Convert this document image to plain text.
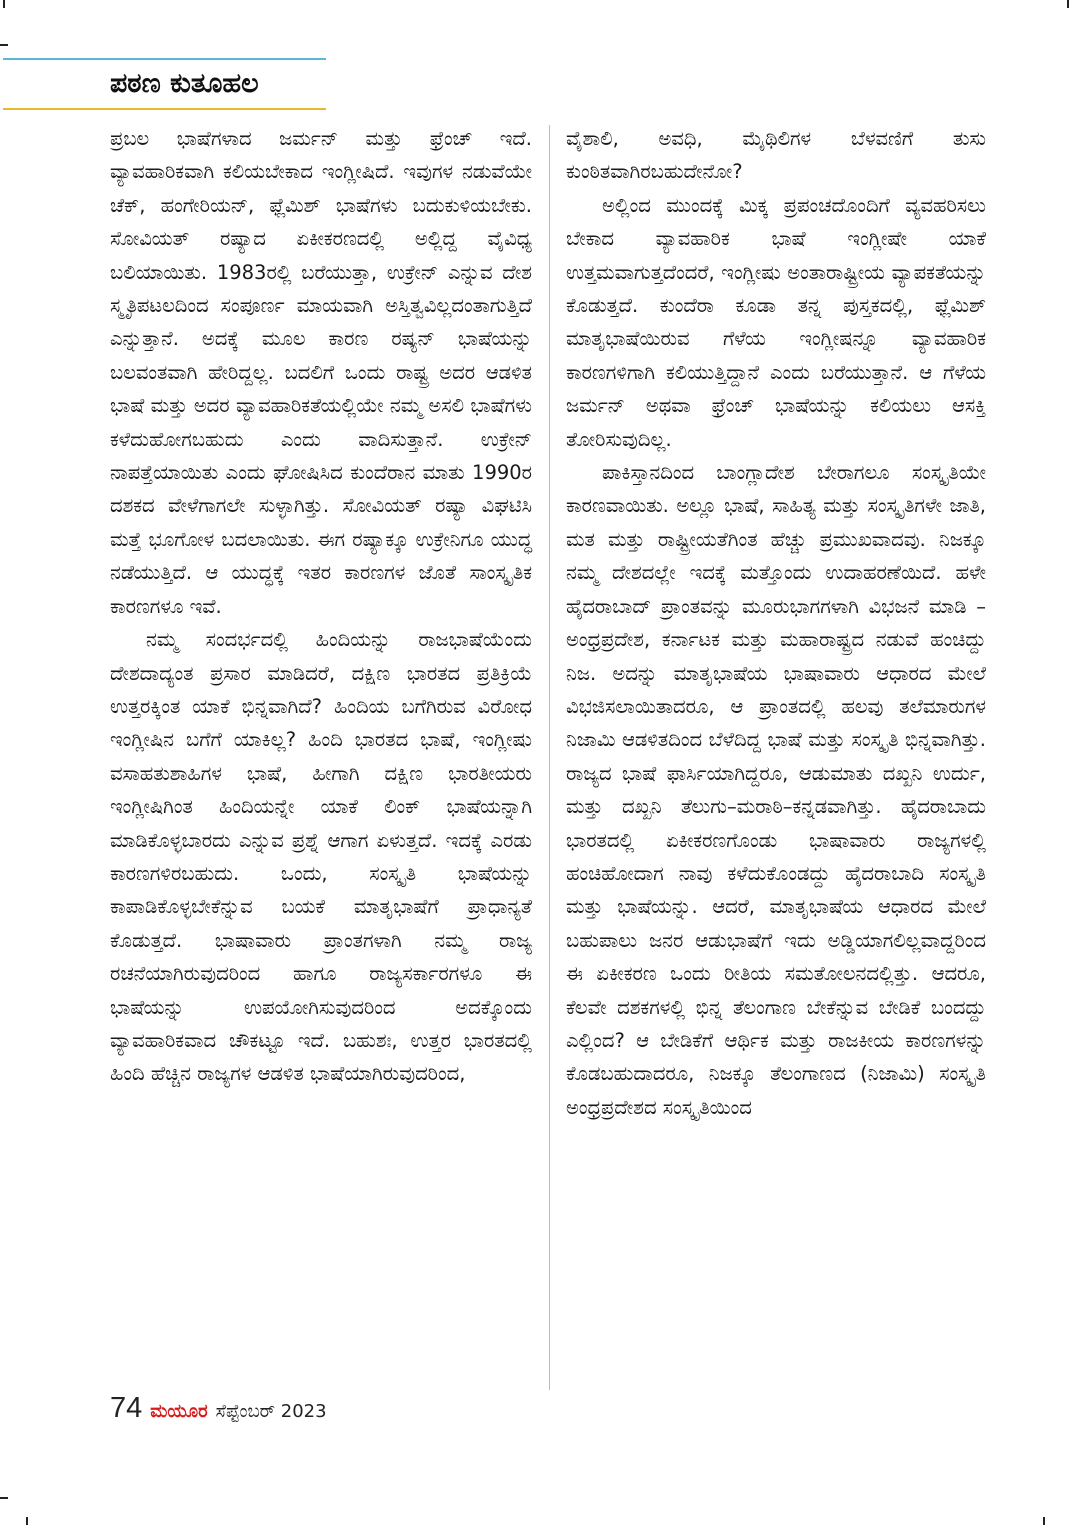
ಪಠಣ ಕುತೂಹಲ

ಪ್ರಬಲ ಭಾಷೆಗಳಾದ ಜರ್ಮನ್ ಮತ್ತು ಫ್ರೆಂಚ್ ಇದೆ. ವ್ಯಾವಹಾರಿಕವಾಗಿ ಕಲಿಯಬೇಕಾದ ಇಂಗ್ಲೀಷಿದೆ. ಇವುಗಳ ನಡುವೆಯೇ ಚೆಕ್, ಹಂಗೇರಿಯನ್, ಫ್ಲೆಮಿಶ್ ಭಾಷೆಗಳು ಬದುಕುಳಿಯಬೇಕು. ಸೋವಿಯತ್ ರಷ್ಯಾದ ಏಕೀಕರಣದಲ್ಲಿ ಅಲ್ಲಿದ್ದ ವೈವಿಧ್ಯ ಬಲಿಯಾಯಿತು. 1983ರಲ್ಲಿ ಬರೆಯುತ್ತಾ, ಉಕ್ರೇನ್ ಎನ್ನುವ ದೇಶ ಸ್ಮೃತಿಪಟಲದಿಂದ ಸಂಪೂರ್ಣ ಮಾಯವಾಗಿ ಅಸ್ತಿತ್ವವಿಲ್ಲದಂತಾಗುತ್ತಿದೆ ಎನ್ನುತ್ತಾನೆ. ಅದಕ್ಕೆ ಮೂಲ ಕಾರಣ ರಷ್ಯನ್ ಭಾಷೆಯನ್ನು ಬಲವಂತವಾಗಿ ಹೇರಿದ್ದಲ್ಲ. ಬದಲಿಗೆ ಒಂದು ರಾಷ್ಟ್ರ ಅದರ ಆಡಳಿತ ಭಾಷೆ ಮತ್ತು ಅದರ ವ್ಯಾವಹಾರಿಕತೆಯಲ್ಲಿಯೇ ನಮ್ಮ ಅಸಲಿ ಭಾಷೆಗಳು ಕಳೆದುಹೋಗಬಹುದು ಎಂದು ವಾದಿಸುತ್ತಾನೆ. ಉಕ್ರೇನ್ ನಾಪತ್ತೆಯಾಯಿತು ಎಂದು ಘೋಷಿಸಿದ ಕುಂದೆರಾನ ಮಾತು 1990ರ ದಶಕದ ವೇಳೆಗಾಗಲೇ ಸುಳ್ಳಾಗಿತ್ತು. ಸೋವಿಯತ್ ರಷ್ಯಾ ವಿಘಟಿಸಿ ಮತ್ತೆ ಭೂಗೋಳ ಬದಲಾಯಿತು. ಈಗ ರಷ್ಯಾಕ್ಕೂ ಉಕ್ರೇನಿಗೂ ಯುದ್ಧ ನಡೆಯುತ್ತಿದೆ. ಆ ಯುದ್ಧಕ್ಕೆ ಇತರ ಕಾರಣಗಳ ಜೊತೆ ಸಾಂಸ್ಕೃತಿಕ ಕಾರಣಗಳೂ ಇವೆ.

ನಮ್ಮ ಸಂದರ್ಭದಲ್ಲಿ ಹಿಂದಿಯನ್ನು ರಾಜಭಾಷೆಯೆಂದು ದೇಶದಾದ್ಯಂತ ಪ್ರಸಾರ ಮಾಡಿದರೆ, ದಕ್ಷಿಣ ಭಾರತದ ಪ್ರತಿಕ್ರಿಯೆ ಉತ್ತರಕ್ಕಿಂತ ಯಾಕೆ ಭಿನ್ನವಾಗಿದೆ? ಹಿಂದಿಯ ಬಗೆಗಿರುವ ವಿರೋಧ ಇಂಗ್ಲೀಷಿನ ಬಗೆಗೆ ಯಾಕಿಲ್ಲ? ಹಿಂದಿ ಭಾರತದ ಭಾಷೆ, ಇಂಗ್ಲೀಷು ವಸಾಹತುಶಾಹಿಗಳ ಭಾಷೆ, ಹೀಗಾಗಿ ದಕ್ಷಿಣ ಭಾರತೀಯರು ಇಂಗ್ಲೀಷಿಗಿಂತ ಹಿಂದಿಯನ್ನೇ ಯಾಕೆ ಲಿಂಕ್ ಭಾಷೆಯನ್ನಾಗಿ ಮಾಡಿಕೊಳ್ಳಬಾರದು ಎನ್ನುವ ಪ್ರಶ್ನೆ ಆಗಾಗ ಏಳುತ್ತದೆ. ಇದಕ್ಕೆ ಎರಡು ಕಾರಣಗಳಿರಬಹುದು. ಒಂದು, ಸಂಸ್ಕೃತಿ ಭಾಷೆಯನ್ನು ಕಾಪಾಡಿಕೊಳ್ಳಬೇಕೆನ್ನುವ ಬಯಕೆ ಮಾತೃಭಾಷೆಗೆ ಪ್ರಾಧಾನ್ಯತೆ ಕೊಡುತ್ತದೆ. ಭಾಷಾವಾರು ಪ್ರಾಂತಗಳಾಗಿ ನಮ್ಮ ರಾಜ್ಯ ರಚನೆಯಾಗಿರುವುದರಿಂದ ಹಾಗೂ ರಾಜ್ಯಸರ್ಕಾರಗಳೂ ಈ ಭಾಷೆಯನ್ನು ಉಪಯೋಗಿಸುವುದರಿಂದ ಅದಕ್ಕೊಂದು ವ್ಯಾವಹಾರಿಕವಾದ ಚೌಕಟ್ಟೂ ಇದೆ. ಬಹುಶಃ, ಉತ್ತರ ಭಾರತದಲ್ಲಿ ಹಿಂದಿ ಹೆಚ್ಚಿನ ರಾಜ್ಯಗಳ ಆಡಳಿತ ಭಾಷೆಯಾಗಿರುವುದರಿಂದ,

ವೈಶಾಲಿ, ಅವಧಿ, ಮೈಥಿಲಿಗಳ ಬೆಳವಣಿಗೆ ತುಸು ಕುಂಠಿತವಾಗಿರಬಹುದೇನೋ?

ಅಲ್ಲಿಂದ ಮುಂದಕ್ಕೆ ಮಿಕ್ಕ ಪ್ರಪಂಚದೊಂದಿಗೆ ವ್ಯವಹರಿಸಲು ಬೇಕಾದ ವ್ಯಾವಹಾರಿಕ ಭಾಷೆ ಇಂಗ್ಲೀಷೇ ಯಾಕೆ ಉತ್ತಮವಾಗುತ್ತದೆಂದರೆ, ಇಂಗ್ಲೀಷು ಅಂತಾರಾಷ್ಟ್ರೀಯ ವ್ಯಾಪಕತೆಯನ್ನು ಕೊಡುತ್ತದೆ. ಕುಂದೆರಾ ಕೂಡಾ ತನ್ನ ಪುಸ್ತಕದಲ್ಲಿ, ಫ್ಲೆಮಿಶ್ ಮಾತೃಭಾಷೆಯಿರುವ ಗೆಳೆಯ ಇಂಗ್ಲೀಷನ್ನೂ ವ್ಯಾವಹಾರಿಕ ಕಾರಣಗಳಿಗಾಗಿ ಕಲಿಯುತ್ತಿದ್ದಾನೆ ಎಂದು ಬರೆಯುತ್ತಾನೆ. ಆ ಗೆಳೆಯ ಜರ್ಮನ್ ಅಥವಾ ಫ್ರೆಂಚ್ ಭಾಷೆಯನ್ನು ಕಲಿಯಲು ಆಸಕ್ತಿ ತೋರಿಸುವುದಿಲ್ಲ.

ಪಾಕಿಸ್ತಾನದಿಂದ ಬಾಂಗ್ಲಾದೇಶ ಬೇರಾಗಲೂ ಸಂಸ್ಕೃತಿಯೇ ಕಾರಣವಾಯಿತು. ಅಲ್ಲೂ ಭಾಷೆ, ಸಾಹಿತ್ಯ ಮತ್ತು ಸಂಸ್ಕೃತಿಗಳೇ ಜಾತಿ, ಮತ ಮತ್ತು ರಾಷ್ಟ್ರೀಯತೆಗಿಂತ ಹೆಚ್ಚು ಪ್ರಮುಖವಾದವು. ನಿಜಕ್ಕೂ ನಮ್ಮ ದೇಶದಲ್ಲೇ ಇದಕ್ಕೆ ಮತ್ತೊಂದು ಉದಾಹರಣೆಯಿದೆ. ಹಳೇ ಹೈದರಾಬಾದ್ ಪ್ರಾಂತವನ್ನು ಮೂರುಭಾಗಗಳಾಗಿ ವಿಭಜನೆ ಮಾಡಿ – ಅಂಧ್ರಪ್ರದೇಶ, ಕರ್ನಾಟಕ ಮತ್ತು ಮಹಾರಾಷ್ಟ್ರದ ನಡುವೆ ಹಂಚಿದ್ದು ನಿಜ. ಅದನ್ನು ಮಾತೃಭಾಷೆಯ ಭಾಷಾವಾರು ಆಧಾರದ ಮೇಲೆ ವಿಭಜಿಸಲಾಯಿತಾದರೂ, ಆ ಪ್ರಾಂತದಲ್ಲಿ ಹಲವು ತಲೆಮಾರುಗಳ ನಿಜಾಮಿ ಆಡಳಿತದಿಂದ ಬೆಳೆದಿದ್ದ ಭಾಷೆ ಮತ್ತು ಸಂಸ್ಕೃತಿ ಭಿನ್ನವಾಗಿತ್ತು. ರಾಜ್ಯದ ಭಾಷೆ ಫಾರ್ಸಿಯಾಗಿದ್ದರೂ, ಆಡುಮಾತು ದಖ್ಖನಿ ಉರ್ದು, ಮತ್ತು ದಖ್ಖನಿ ತೆಲುಗು–ಮರಾಠಿ–ಕನ್ನಡವಾಗಿತ್ತು. ಹೈದರಾಬಾದು ಭಾರತದಲ್ಲಿ ಏಕೀಕರಣಗೊಂಡು ಭಾಷಾವಾರು ರಾಜ್ಯಗಳಲ್ಲಿ ಹಂಚಿಹೋದಾಗ ನಾವು ಕಳೆದುಕೊಂಡದ್ದು ಹೈದರಾಬಾದಿ ಸಂಸ್ಕೃತಿ ಮತ್ತು ಭಾಷೆಯನ್ನು. ಆದರೆ, ಮಾತೃಭಾಷೆಯ ಆಧಾರದ ಮೇಲೆ ಬಹುಪಾಲು ಜನರ ಆಡುಭಾಷೆಗೆ ಇದು ಅಡ್ಡಿಯಾಗಲಿಲ್ಲವಾದ್ದರಿಂದ ಈ ಏಕೀಕರಣ ಒಂದು ರೀತಿಯ ಸಮತೋಲನದಲ್ಲಿತ್ತು. ಆದರೂ, ಕೆಲವೇ ದಶಕಗಳಲ್ಲಿ ಭಿನ್ನ ತೆಲಂಗಾಣ ಬೇಕೆನ್ನುವ ಬೇಡಿಕೆ ಬಂದದ್ದು ಎಲ್ಲಿಂದ? ಆ ಬೇಡಿಕೆಗೆ ಆರ್ಥಿಕ ಮತ್ತು ರಾಜಕೀಯ ಕಾರಣಗಳನ್ನು ಕೊಡಬಹುದಾದರೂ, ನಿಜಕ್ಕೂ ತೆಲಂಗಾಣದ (ನಿಜಾಮಿ) ಸಂಸ್ಕೃತಿ ಅಂಧ್ರಪ್ರದೇಶದ ಸಂಸ್ಕೃತಿಯಿಂದ

74 ಮಯೂರ ಸೆಪ್ಟೆಂಬರ್ 2023
